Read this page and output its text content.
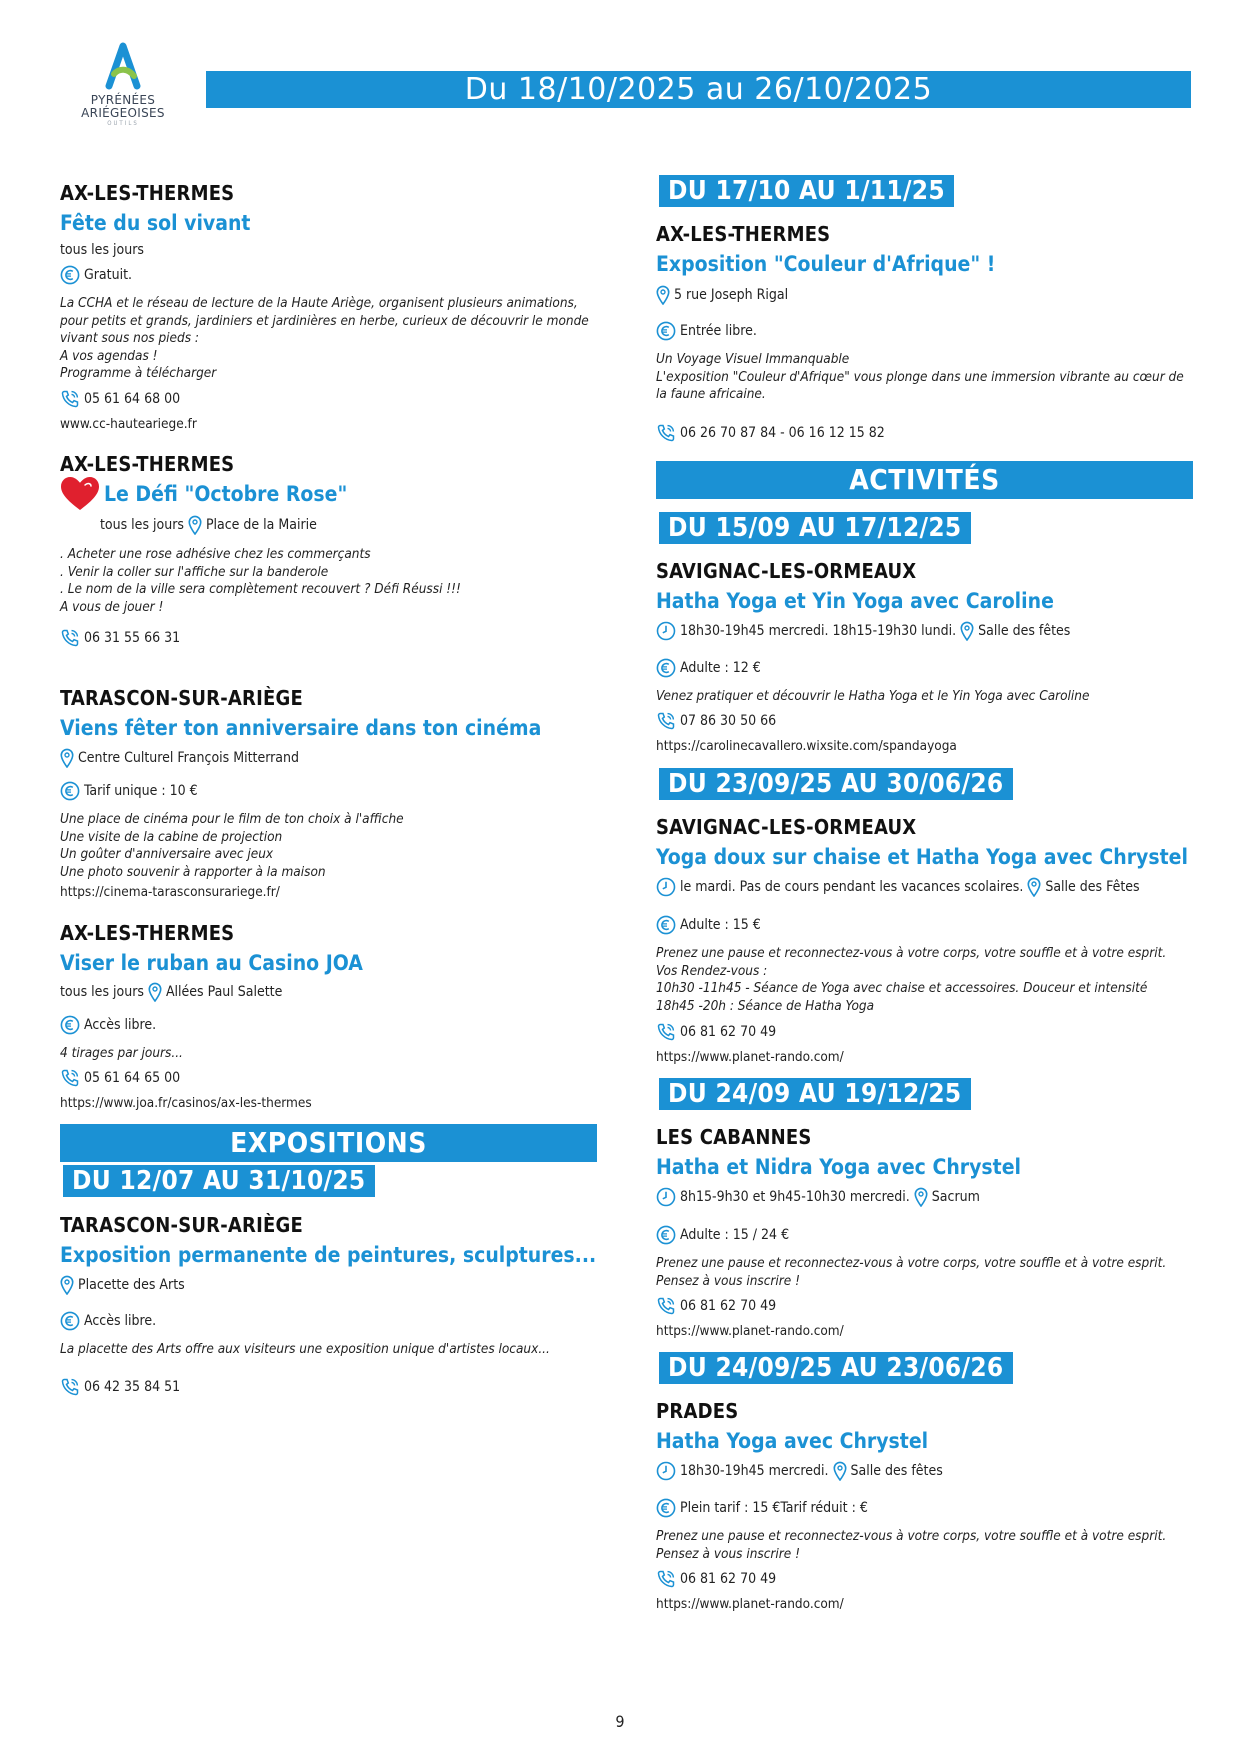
PYRÉNÉES
ARIÉGEOISES
OUTILS
Du 18/10/2025 au 26/10/2025
AX-LES-THERMES
Fête du sol vivant
tous les jours
Gratuit.
La CCHA et le réseau de lecture de la Haute Ariège, organisent plusieurs animations,
pour petits et grands, jardiniers et jardinières en herbe, curieux de découvrir le monde
vivant sous nos pieds :
A vos agendas !
Programme à télécharger
05 61 64 68 00
www.cc-hauteariege.fr
AX-LES-THERMES
Le Défi "Octobre Rose"
tous les jours Place de la Mairie
. Acheter une rose adhésive chez les commerçants
. Venir la coller sur l'affiche sur la banderole
. Le nom de la ville sera complètement recouvert ? Défi Réussi !!!
A vous de jouer !
06 31 55 66 31
TARASCON-SUR-ARIÈGE
Viens fêter ton anniversaire dans ton cinéma
Centre Culturel François Mitterrand
Tarif unique : 10 €
Une place de cinéma pour le film de ton choix à l'affiche
Une visite de la cabine de projection
Un goûter d'anniversaire avec jeux
Une photo souvenir à rapporter à la maison
https://cinema-tarasconsurariege.fr/
AX-LES-THERMES
Viser le ruban au Casino JOA
tous les jours Allées Paul Salette
Accès libre.
4 tirages par jours...
05 61 64 65 00
https://www.joa.fr/casinos/ax-les-thermes
EXPOSITIONS
DU 12/07 AU 31/10/25
TARASCON-SUR-ARIÈGE
Exposition permanente de peintures, sculptures...
Placette des Arts
Accès libre.
La placette des Arts offre aux visiteurs une exposition unique d'artistes locaux...
06 42 35 84 51
DU 17/10 AU 1/11/25
AX-LES-THERMES
Exposition "Couleur d'Afrique" !
5 rue Joseph Rigal
Entrée libre.
Un Voyage Visuel Immanquable
L'exposition "Couleur d'Afrique" vous plonge dans une immersion vibrante au cœur de
la faune africaine.
06 26 70 87 84 - 06 16 12 15 82
ACTIVITÉS
DU 15/09 AU 17/12/25
SAVIGNAC-LES-ORMEAUX
Hatha Yoga et Yin Yoga avec Caroline
18h30-19h45 mercredi. 18h15-19h30 lundi. Salle des fêtes
Adulte : 12 €
Venez pratiquer et découvrir le Hatha Yoga et le Yin Yoga avec Caroline
07 86 30 50 66
https://carolinecavallero.wixsite.com/spandayoga
DU 23/09/25 AU 30/06/26
SAVIGNAC-LES-ORMEAUX
Yoga doux sur chaise et Hatha Yoga avec Chrystel
le mardi. Pas de cours pendant les vacances scolaires. Salle des Fêtes
Adulte : 15 €
Prenez une pause et reconnectez-vous à votre corps, votre souffle et à votre esprit.
Vos Rendez-vous :
10h30 -11h45 - Séance de Yoga avec chaise et accessoires. Douceur et intensité
18h45 -20h : Séance de Hatha Yoga
06 81 62 70 49
https://www.planet-rando.com/
DU 24/09 AU 19/12/25
LES CABANNES
Hatha et Nidra Yoga avec Chrystel
8h15-9h30 et 9h45-10h30 mercredi. Sacrum
Adulte : 15 / 24 €
Prenez une pause et reconnectez-vous à votre corps, votre souffle et à votre esprit.
Pensez à vous inscrire !
06 81 62 70 49
https://www.planet-rando.com/
DU 24/09/25 AU 23/06/26
PRADES
Hatha Yoga avec Chrystel
18h30-19h45 mercredi. Salle des fêtes
Plein tarif : 15 €Tarif réduit : €
Prenez une pause et reconnectez-vous à votre corps, votre souffle et à votre esprit.
Pensez à vous inscrire !
06 81 62 70 49
https://www.planet-rando.com/
9
